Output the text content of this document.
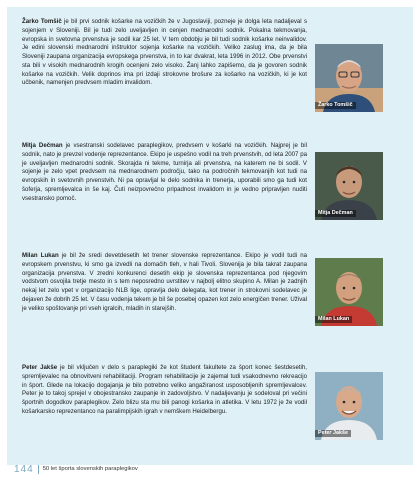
Žarko Tomšič je bil prvi sodnik košarke na vozičkih že v Jugoslaviji, pozneje je dolga leta nadaljeval s sojenjem v Sloveniji. Bil je tudi zelo uveljavljen in cenjen mednarodni sodnik. Pokalna tekmovanja, evropska in svetovna prvenstva je sodil kar 25 let. V tem obdobju je bil tudi sodnik košarke neinvalidov. Je edini slovenski mednarodni inštruktor sojenja košarke na vozičkih. Veliko zaslug ima, da je bila Sloveniji zaupana organizacija evropskega prvenstva, in to kar dvakrat, leta 1996 in 2012. Obe prvenstvi sta bili v visokih mednarodnih krogih ocenjeni zelo visoko. Žanj lahko zapišemo, da je govoren sodnik košarke na vozičkih. Velik doprinos ima pri izdaji strokovne brošure za košarko na vozičkih, ki je kot učbenik, namenjen predvsem mladim invalidom.

Žarko Tomšič

Mitja Dečman je vsestranski sodelavec paraplegikov, predvsem v košarki na vozičkih. Najprej je bil sodnik, nato je prevzel vodenje reprezentance. Ekipo je uspešno vodil na treh prvenstvih, od leta 2007 pa je uveljavljen mednarodni sodnik. Skorajda ni tekme, turnirja ali prvenstva, na katerem ne bi sodil. V sojenje je zelo vpet predvsem na mednarodnem področju, tako na področnih tekmovanjih kot tudi na evropskih in svetovnih prvenstvih. Ni pa opravljal le delo sodnika in trenerja, uporabili smo ga tudi kot šoferja, spremljevalca in še kaj. Čuti neizpovrečno pripadnost invalidom in je vedno pripravljen nuditi vsestransko pomoč.

Mitja Dečman

Milan Lukan je bil že sredi devetdesetih let trener slovenske reprezentance. Ekipo je vodil tudi na evropskem prvenstvu, ki smo ga izvedli na domačih tleh, v hali Tivoli. Slovenija je bila takrat zaupana organizacija prvenstva. V zredni konkurenci desetih ekip je slovenska reprezentanca pod njegovim vodstvom osvojila tretje mesto in s tem neposredno uvrstitev v najbolj elitno skupino A. Milan je zadnjih nekaj let zelo vpet v organizacijo NLB lige, opravlja delo delegata, kot trener in strokovni sodelavec je dejaven že dobrih 25 let. V času vodenja tekem je bil še posebej opazen kot zelo energičen trener. Užival je veliko spoštovanje pri vseh igralcih, mladih in starejših.

Milan Lukan

Peter Jakše je bil vključen v delo s paraplegiki že kot študent fakultete za šport konec šestdesetih, spremljevalec na obnovitveni rehabilitaciji. Program rehabilitacije je zajemal tudi vsakodnevno rekreacijo in šport. Glede na lokacijo dogajanja je bilo potrebno veliko angažiranost usposobljenih spremljevalcev. Peter je to takoj sprejel v obojestransko zaupanje in zadovoljstvo. V nadaljevanju je sodeloval pri večini športnih dogodkov paraplegikov. Zelo blizu sta mu bili panogi košarka in atletika. V letu 1972 je že vodil košarkarsko reprezentanco na paralimpijskih igrah v nemškem Heidelbergu.

Peter Jakše
144 50 let športa slovenskih paraplegikov
